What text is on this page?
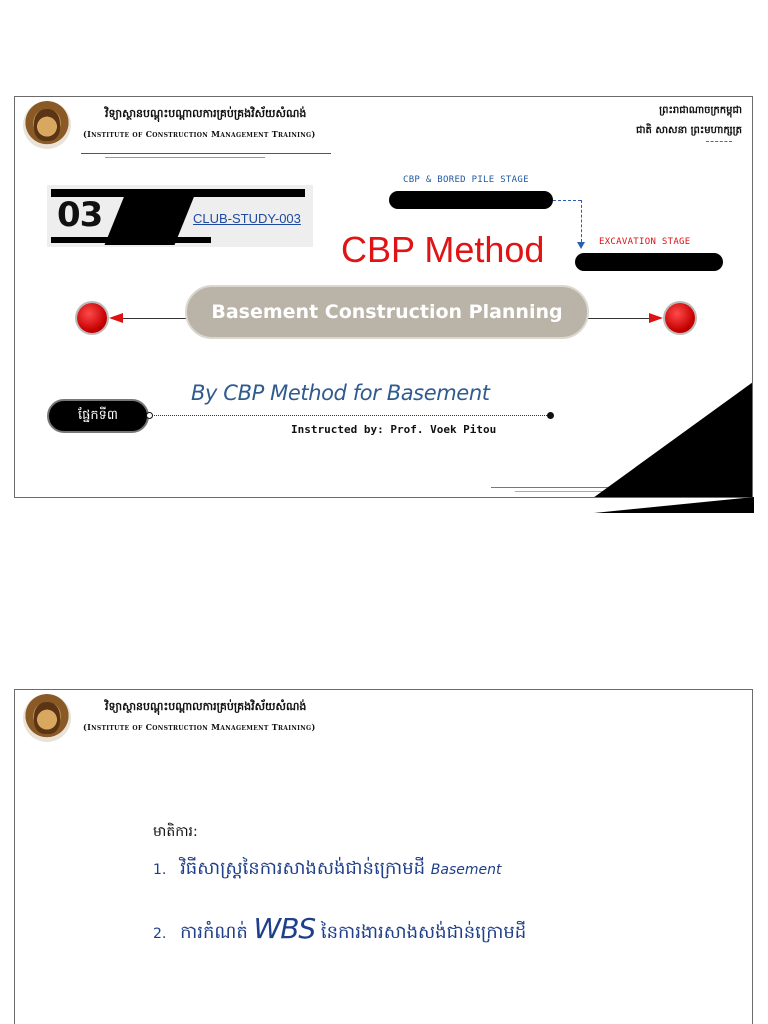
វិទ្យាស្ថានបណ្តុះបណ្តាលការគ្រប់គ្រងវិស័យសំណង់
(Institute of Construction Management Training)
ព្រះរាជាណាចក្រកម្ពុជា
ជាតិ សាសនា ព្រះមហាក្សត្រ
03	CLUB-STUDY-003
CBP & BORED PILE STAGE
EXCAVATION STAGE
CBP Method
Basement Construction Planning
By CBP Method for Basement
ផ្នែកទី៣
Instructed by: Prof. Voek Pitou
វិទ្យាស្ថានបណ្តុះបណ្តាលការគ្រប់គ្រងវិស័យសំណង់
(Institute of Construction Management Training)
មាតិការ:
1. វិធីសាស្រ្តនៃការសាងសង់ជាន់ក្រោមដី Basement
2. ការកំណត់ WBS នៃការងារសាងសង់ជាន់ក្រោមដី
